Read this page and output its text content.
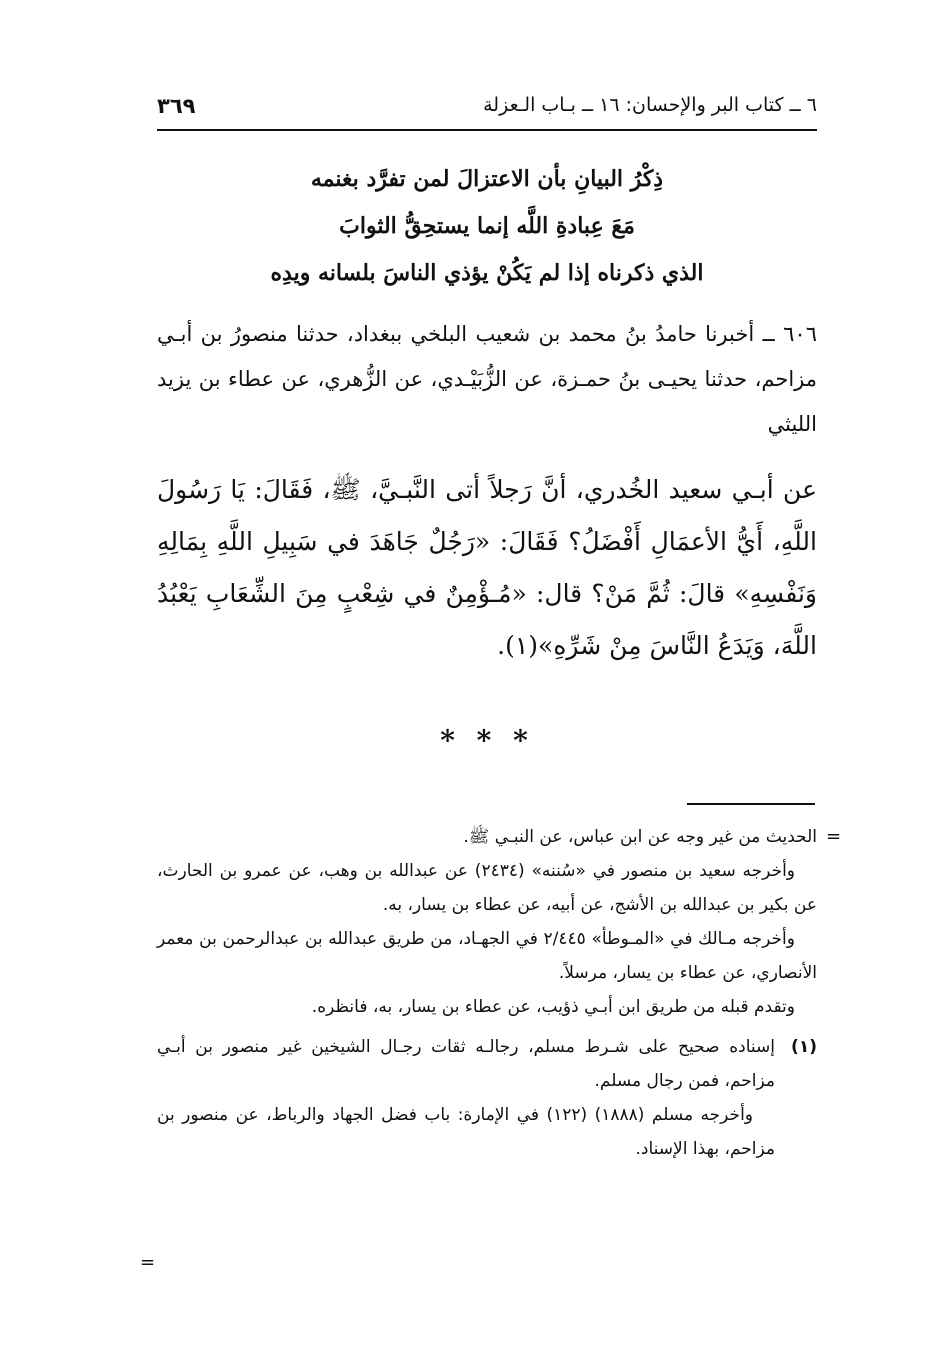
٦ ــ كتاب البر والإحسان: ١٦ ــ بـاب الـعزلة
٣٦٩
ذِكْرُ البيانِ بأن الاعتزالَ لمن تفرَّد بغنمه
مَعَ عِبادةِ اللَّه إنما يستحِقُّ الثوابَ
الذي ذكرناه إذا لم يَكُنْ يؤذي الناسَ بلسانه ويدِه

٦٠٦ ــ أخبرنا حامدُ بنُ محمد بن شعيب البلخي ببغداد، حدثنا منصورُ بن أبـي مزاحم، حدثنا يحيـى بنُ حمـزة، عن الزُّبَيْـدي، عن الزُّهري، عن عطاء بن يزيد الليثي

عن أبـي سعيد الخُدري، أنَّ رَجلاً أتى النَّبـيَّ، ﷺ، فَقَالَ: يَا رَسُولَ اللَّهِ، أَيُّ الأعمَالِ أَفْضَلُ؟ فَقَالَ: «رَجُلٌ جَاهَدَ في سَبِيلِ اللَّهِ بِمَالِهِ وَنَفْسِهِ» قالَ: ثُمَّ مَنْ؟ قال: «مُـؤْمِنٌ في شِعْبٍ مِنَ الشِّعَابِ يَعْبُدُ اللَّهَ، وَيَدَعُ النَّاسَ مِنْ شَرِّهِ»(١).

* * *
=

الحديث من غير وجه عن ابن عباس، عن النبـي ﷺ.

وأخرجه سعيد بن منصور في «سُننه» (٢٤٣٤) عن عبدالله بن وهب، عن عمرو بن الحارث، عن بكير بن عبدالله بن الأشج، عن أبيه، عن عطاء بن يسار، به.

وأخرجه مـالك في «المـوطأ» ٢/٤٤٥ في الجهـاد، من طريق عبدالله بن عبدالرحمن بن معمر الأنصاري، عن عطاء بن يسار، مرسلاً.

وتقدم قبله من طريق ابن أبـي ذؤيب، عن عطاء بن يسار، به، فانظره.

(١)

إسناده صحيح على شـرط مسلم، رجالـه ثقات رجـال الشيخين غير منصور بن أبـي مزاحم، فمن رجال مسلم.

وأخرجه مسلم (١٨٨٨) (١٢٢) في الإمارة: باب فضل الجهاد والرباط، عن منصور بن مزاحم، بهذا الإسناد.

=
